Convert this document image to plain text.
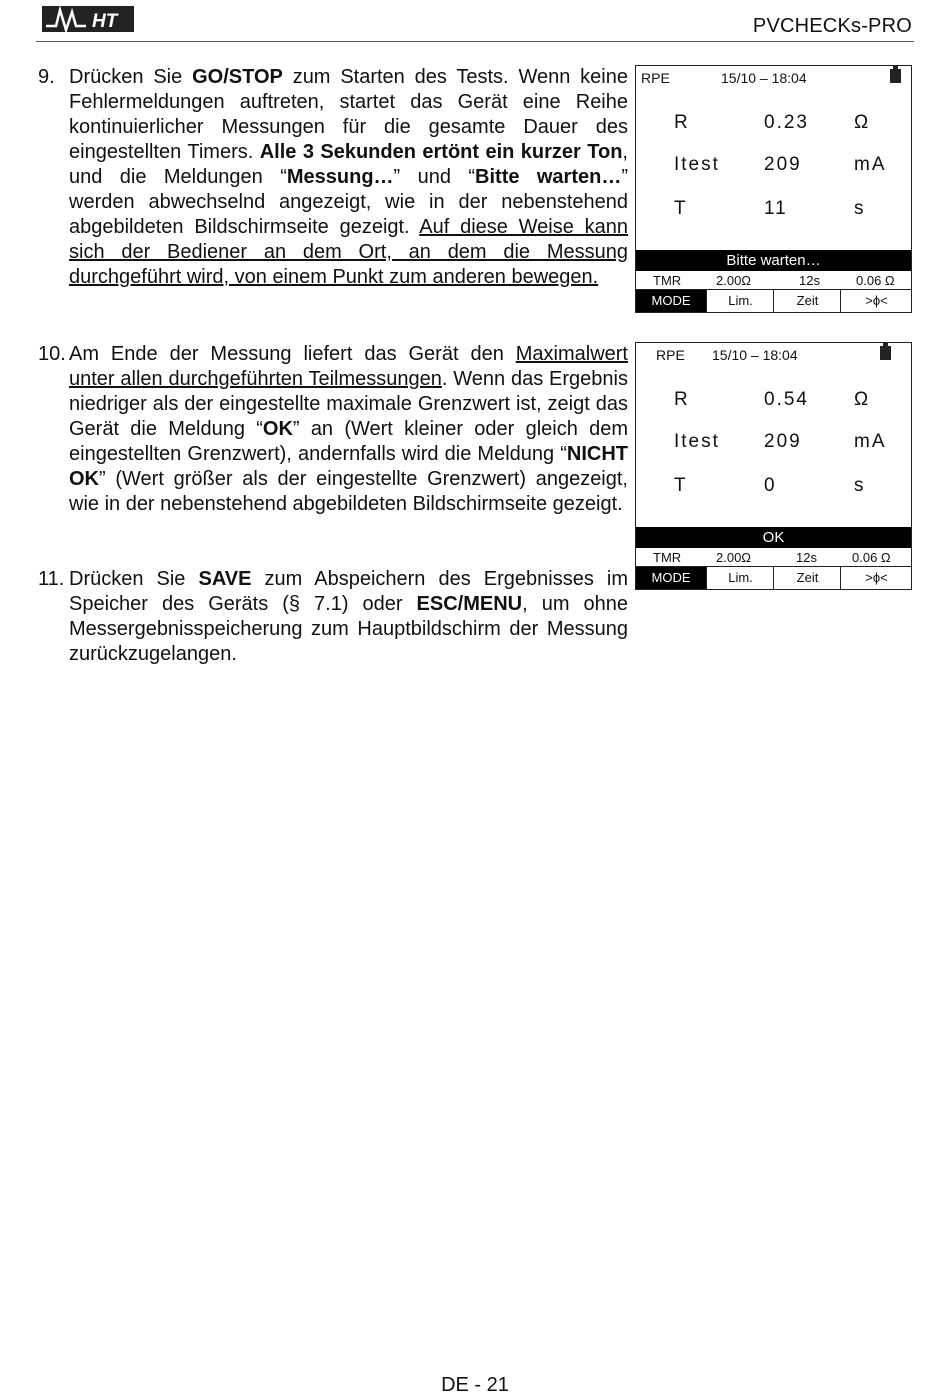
HT	PVCHECKs-PRO
9. Drücken Sie GO/STOP zum Starten des Tests. Wenn keine Fehlermeldungen auftreten, startet das Gerät eine Reihe kontinuierlicher Messungen für die gesamte Dauer des eingestellten Timers. Alle 3 Sekunden ertönt ein kurzer Ton, und die Meldungen “Messung…” und “Bitte warten…” werden abwechselnd angezeigt, wie in der nebenstehend abgebildeten Bildschirmseite gezeigt. Auf diese Weise kann sich der Bediener an dem Ort, an dem die Messung durchgeführt wird, von einem Punkt zum anderen bewegen.
10. Am Ende der Messung liefert das Gerät den Maximalwert unter allen durchgeführten Teilmessungen. Wenn das Ergebnis niedriger als der eingestellte maximale Grenzwert ist, zeigt das Gerät die Meldung “OK” an (Wert kleiner oder gleich dem eingestellten Grenzwert), andernfalls wird die Meldung “NICHT OK” (Wert größer als der eingestellte Grenzwert) angezeigt, wie in der nebenstehend abgebildeten Bildschirmseite gezeigt.
11. Drücken Sie SAVE zum Abspeichern des Ergebnisses im Speicher des Geräts (§ 7.1) oder ESC/MENU, um ohne Messergebnisspeicherung zum Hauptbildschirm der Messung zurückzugelangen.
RPE	15/10 – 18:04
R	0.23 Ω
Itest 209	mA
T	11	s
Bitte warten…
TMR	2.00Ω	12s	0.06 Ω
MODE	Lim.	Zeit	>ϕ<
RPE 15/10 – 18:04
R	0.54 Ω
Itest 209	mA
T	0	s
OK
TMR	2.00Ω	12s	0.06 Ω
MODE	Lim.	Zeit	>ϕ<
DE - 21
